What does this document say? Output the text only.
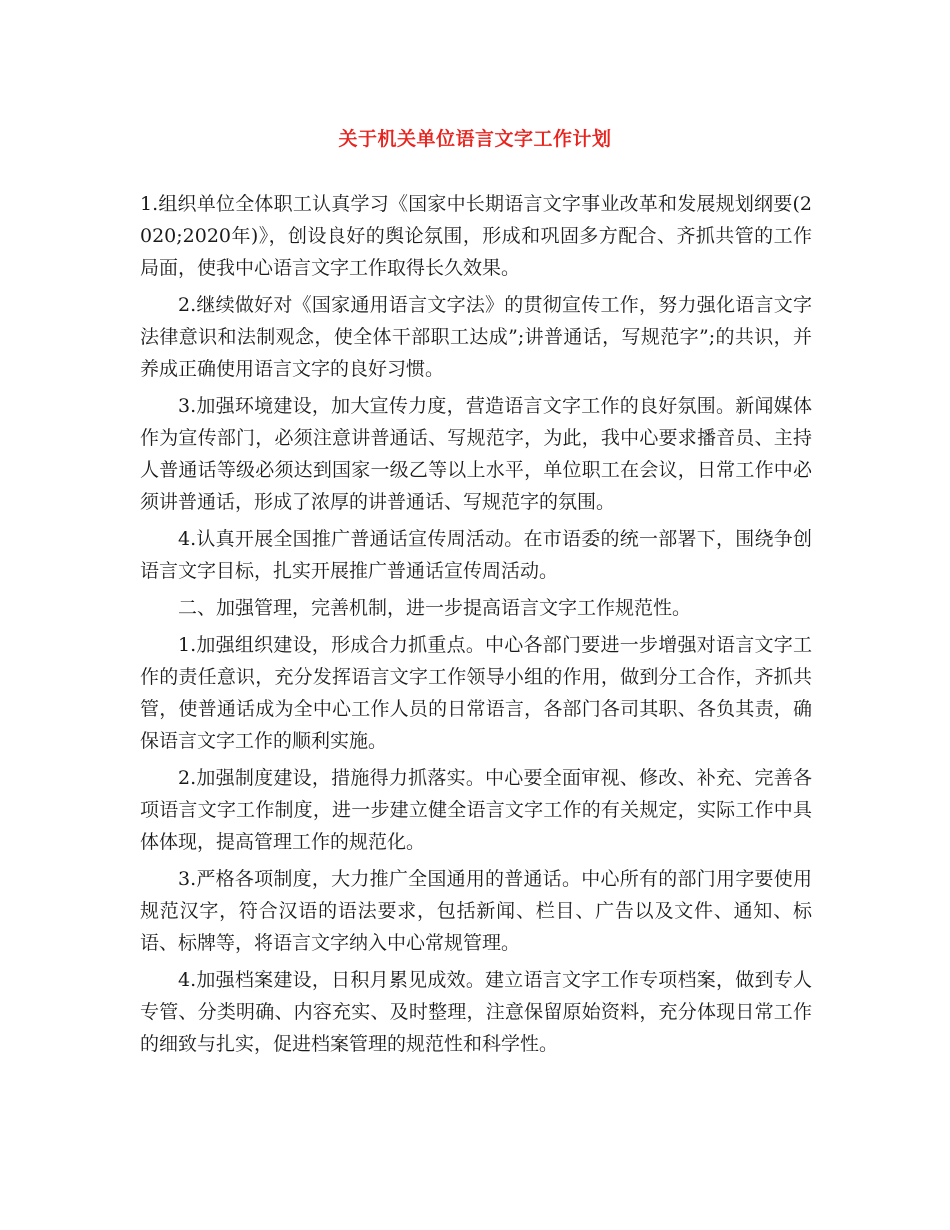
关于机关单位语言文字工作计划

1.组织单位全体职工认真学习《国家中长期语言文字事业改革和发展规划纲要(2020;2020年)》，创设良好的舆论氛围，形成和巩固多方配合、齐抓共管的工作局面，使我中心语言文字工作取得长久效果。

2.继续做好对《国家通用语言文字法》的贯彻宣传工作，努力强化语言文字法律意识和法制观念，使全体干部职工达成”;讲普通话，写规范字”;的共识，并养成正确使用语言文字的良好习惯。

3.加强环境建设，加大宣传力度，营造语言文字工作的良好氛围。新闻媒体作为宣传部门，必须注意讲普通话、写规范字，为此，我中心要求播音员、主持人普通话等级必须达到国家一级乙等以上水平，单位职工在会议，日常工作中必须讲普通话，形成了浓厚的讲普通话、写规范字的氛围。

4.认真开展全国推广普通话宣传周活动。在市语委的统一部署下，围绕争创语言文字目标，扎实开展推广普通话宣传周活动。

二、加强管理，完善机制，进一步提高语言文字工作规范性。

1.加强组织建设，形成合力抓重点。中心各部门要进一步增强对语言文字工作的责任意识，充分发挥语言文字工作领导小组的作用，做到分工合作，齐抓共管，使普通话成为全中心工作人员的日常语言，各部门各司其职、各负其责，确保语言文字工作的顺利实施。

2.加强制度建设，措施得力抓落实。中心要全面审视、修改、补充、完善各项语言文字工作制度，进一步建立健全语言文字工作的有关规定，实际工作中具体体现，提高管理工作的规范化。

3.严格各项制度，大力推广全国通用的普通话。中心所有的部门用字要使用规范汉字，符合汉语的语法要求，包括新闻、栏目、广告以及文件、通知、标语、标牌等，将语言文字纳入中心常规管理。

4.加强档案建设，日积月累见成效。建立语言文字工作专项档案，做到专人专管、分类明确、内容充实、及时整理，注意保留原始资料，充分体现日常工作的细致与扎实，促进档案管理的规范性和科学性。
